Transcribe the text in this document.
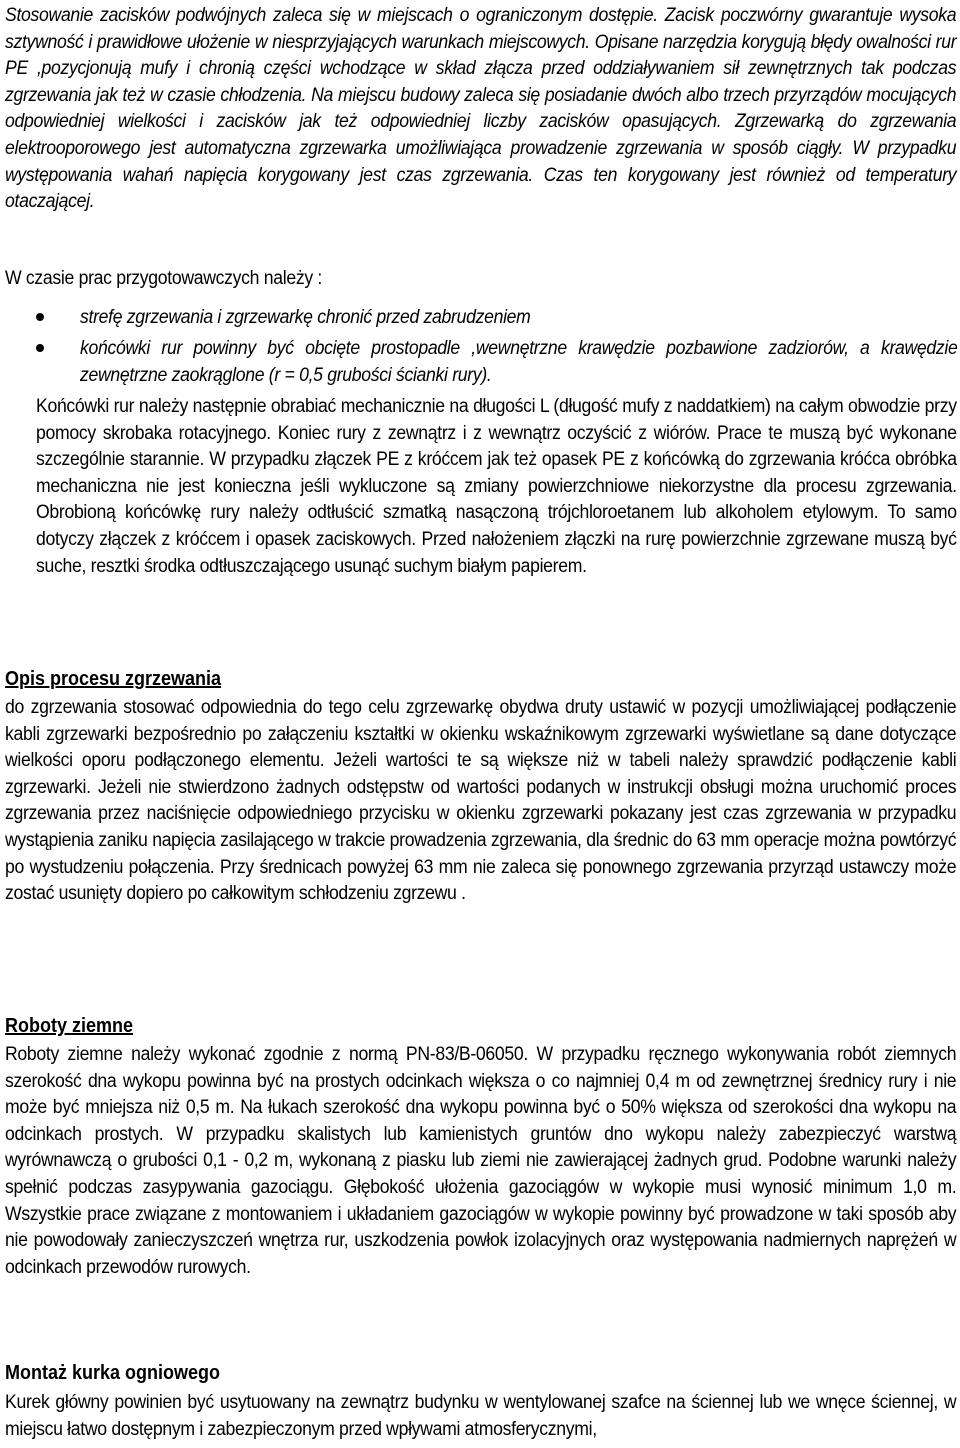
Stosowanie zacisków podwójnych zaleca się w miejscach o ograniczonym dostępie. Zacisk poczwórny gwarantuje wysoka sztywność i prawidłowe ułożenie w niesprzyjających warunkach miejscowych. Opisane narzędzia korygują błędy owalności rur PE ,pozycjonują mufy i chronią części wchodzące w skład złącza przed oddziaływaniem sił zewnętrznych tak podczas zgrzewania jak też w czasie chłodzenia. Na miejscu budowy zaleca się posiadanie dwóch albo trzech przyrządów mocujących odpowiedniej wielkości i zacisków jak też odpowiedniej liczby zacisków opasujących. Zgrzewarką do zgrzewania elektrooporowego jest automatyczna zgrzewarka umożliwiająca prowadzenie zgrzewania w sposób ciągły. W przypadku występowania wahań napięcia korygowany jest czas zgrzewania. Czas ten korygowany jest również od temperatury otaczającej.

W czasie prac przygotowawczych należy :

strefę zgrzewania i zgrzewarkę chronić przed zabrudzeniem
końcówki rur powinny być obcięte prostopadle ,wewnętrzne krawędzie pozbawione zadziorów, a krawędzie zewnętrzne zaokrąglone (r = 0,5 grubości ścianki rury).

Końcówki rur należy następnie obrabiać mechanicznie na długości L (długość mufy z naddatkiem) na całym obwodzie przy pomocy skrobaka rotacyjnego. Koniec rury z zewnątrz i z wewnątrz oczyścić z wiórów. Prace te muszą być wykonane szczególnie starannie. W przypadku złączek PE z króćcem jak też opasek PE z końcówką do zgrzewania króćca obróbka mechaniczna nie jest konieczna jeśli wykluczone są zmiany powierzchniowe niekorzystne dla procesu zgrzewania. Obrobioną końcówkę rury należy odtłuścić szmatką nasączoną trójchloroetanem lub alkoholem etylowym. To samo dotyczy złączek z króćcem i opasek zaciskowych. Przed nałożeniem złączki na rurę powierzchnie zgrzewane muszą być suche, resztki środka odtłuszczającego usunąć suchym białym papierem.

Opis procesu zgrzewania

do zgrzewania stosować odpowiednia do tego celu zgrzewarkę obydwa druty ustawić w pozycji umożliwiającej podłączenie kabli zgrzewarki bezpośrednio po załączeniu kształtki w okienku wskaźnikowym zgrzewarki wyświetlane są dane dotyczące wielkości oporu podłączonego elementu. Jeżeli wartości te są większe niż w tabeli należy sprawdzić podłączenie kabli zgrzewarki. Jeżeli nie stwierdzono żadnych odstępstw od wartości podanych w instrukcji obsługi można uruchomić proces zgrzewania przez naciśnięcie odpowiedniego przycisku w okienku zgrzewarki pokazany jest czas zgrzewania w przypadku wystąpienia zaniku napięcia zasilającego w trakcie prowadzenia zgrzewania, dla średnic do 63 mm operacje można powtórzyć po wystudzeniu połączenia. Przy średnicach powyżej 63 mm nie zaleca się ponownego zgrzewania przyrząd ustawczy może zostać usunięty dopiero po całkowitym schłodzeniu zgrzewu .

Roboty ziemne

Roboty ziemne należy wykonać zgodnie z normą PN-83/B-06050. W przypadku ręcznego wykonywania robót ziemnych szerokość dna wykopu powinna być na prostych odcinkach większa o co najmniej 0,4 m od zewnętrznej średnicy rury i nie może być mniejsza niż 0,5 m. Na łukach szerokość dna wykopu powinna być o 50% większa od szerokości dna wykopu na odcinkach prostych. W przypadku skalistych lub kamienistych gruntów dno wykopu należy zabezpieczyć warstwą wyrównawczą o grubości 0,1 - 0,2 m, wykonaną z piasku lub ziemi nie zawierającej żadnych grud. Podobne warunki należy spełnić podczas zasypywania gazociągu. Głębokość ułożenia gazociągów w wykopie musi wynosić minimum 1,0 m. Wszystkie prace związane z montowaniem i układaniem gazociągów w wykopie powinny być prowadzone w taki sposób aby nie powodowały zanieczyszczeń wnętrza rur, uszkodzenia powłok izolacyjnych oraz występowania nadmiernych naprężeń w odcinkach przewodów rurowych.

Montaż kurka ogniowego

Kurek główny powinien być usytuowany na zewnątrz budynku w wentylowanej szafce na ściennej lub we wnęce ściennej, w miejscu łatwo dostępnym i zabezpieczonym przed wpływami atmosferycznymi,
